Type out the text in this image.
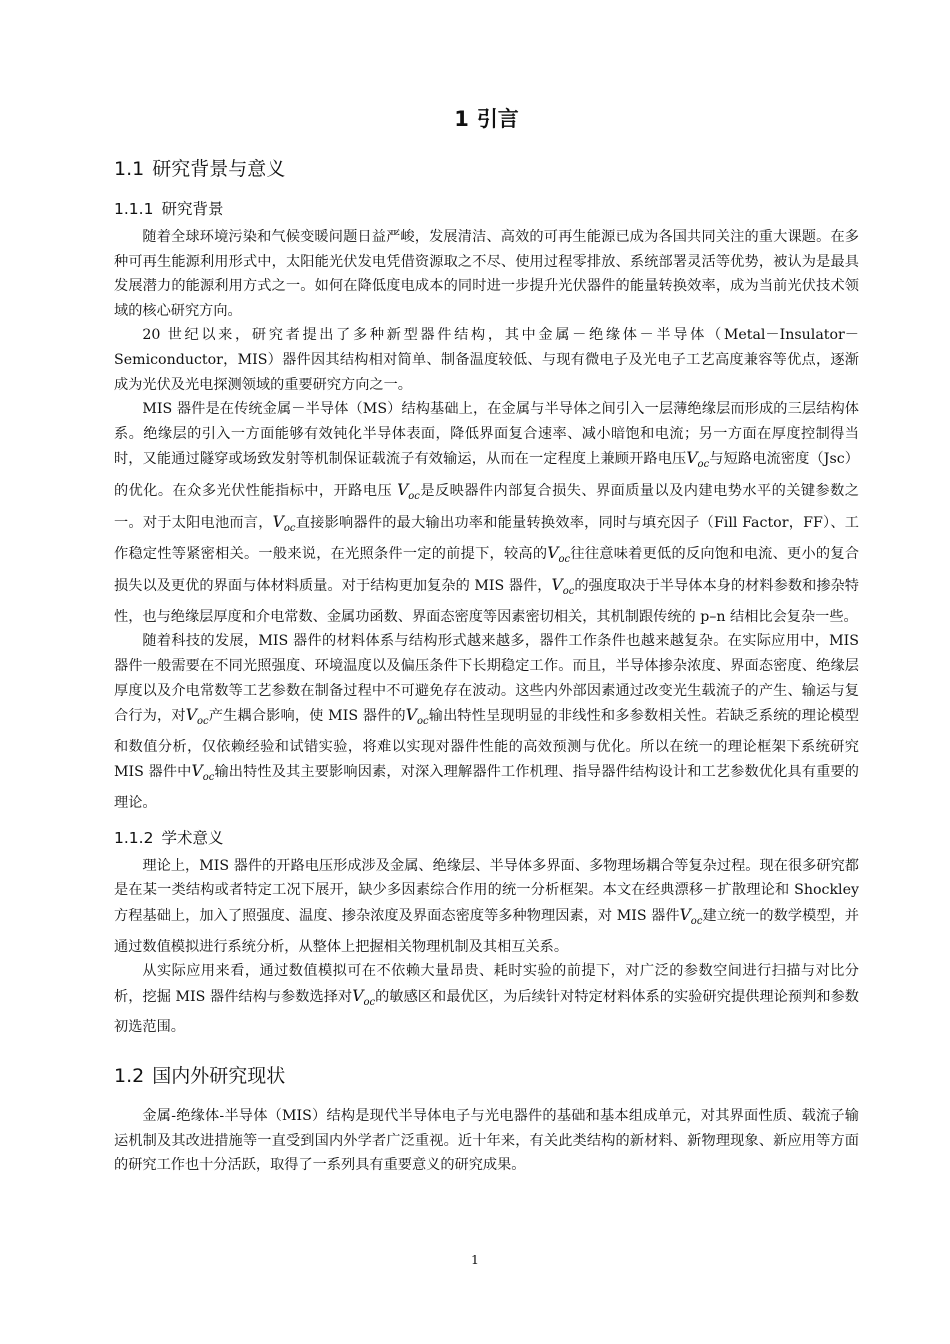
1 引言
1.1 研究背景与意义
1.1.1 研究背景

随着全球环境污染和气候变暖问题日益严峻，发展清洁、高效的可再生能源已成为各国共同关注的重大课题。在多种可再生能源利用形式中，太阳能光伏发电凭借资源取之不尽、使用过程零排放、系统部署灵活等优势，被认为是最具发展潜力的能源利用方式之一。如何在降低度电成本的同时进一步提升光伏器件的能量转换效率，成为当前光伏技术领域的核心研究方向。

20 世纪以来，研究者提出了多种新型器件结构，其中金属－绝缘体－半导体（Metal－Insulator－Semiconductor，MIS）器件因其结构相对简单、制备温度较低、与现有微电子及光电子工艺高度兼容等优点，逐渐成为光伏及光电探测领域的重要研究方向之一。

MIS 器件是在传统金属－半导体（MS）结构基础上，在金属与半导体之间引入一层薄绝缘层而形成的三层结构体系。绝缘层的引入一方面能够有效钝化半导体表面，降低界面复合速率、减小暗饱和电流；另一方面在厚度控制得当时，又能通过隧穿或场致发射等机制保证载流子有效输运，从而在一定程度上兼顾开路电压$V_{oc}$与短路电流密度（Jsc）的优化。在众多光伏性能指标中，开路电压 $V_{oc}$是反映器件内部复合损失、界面质量以及内建电势水平的关键参数之一。对于太阳电池而言，$V_{oc}$直接影响器件的最大输出功率和能量转换效率，同时与填充因子（Fill Factor，FF）、工作稳定性等紧密相关。一般来说，在光照条件一定的前提下，较高的$V_{oc}$往往意味着更低的反向饱和电流、更小的复合损失以及更优的界面与体材料质量。对于结构更加复杂的 MIS 器件，$V_{oc}$的强度取决于半导体本身的材料参数和掺杂特性，也与绝缘层厚度和介电常数、金属功函数、界面态密度等因素密切相关，其机制跟传统的 p–n 结相比会复杂一些。

随着科技的发展，MIS 器件的材料体系与结构形式越来越多，器件工作条件也越来越复杂。在实际应用中，MIS 器件一般需要在不同光照强度、环境温度以及偏压条件下长期稳定工作。而且，半导体掺杂浓度、界面态密度、绝缘层厚度以及介电常数等工艺参数在制备过程中不可避免存在波动。这些内外部因素通过改变光生载流子的产生、输运与复合行为，对$V_{oc}$产生耦合影响，使 MIS 器件的$V_{oc}$输出特性呈现明显的非线性和多参数相关性。若缺乏系统的理论模型和数值分析，仅依赖经验和试错实验，将难以实现对器件性能的高效预测与优化。所以在统一的理论框架下系统研究 MIS 器件中$V_{oc}$输出特性及其主要影响因素，对深入理解器件工作机理、指导器件结构设计和工艺参数优化具有重要的理论。

1.1.2 学术意义

理论上，MIS 器件的开路电压形成涉及金属、绝缘层、半导体多界面、多物理场耦合等复杂过程。现在很多研究都是在某一类结构或者特定工况下展开，缺少多因素综合作用的统一分析框架。本文在经典漂移－扩散理论和 Shockley 方程基础上，加入了照强度、温度、掺杂浓度及界面态密度等多种物理因素，对 MIS 器件$V_{oc}$建立统一的数学模型，并通过数值模拟进行系统分析，从整体上把握相关物理机制及其相互关系。

从实际应用来看，通过数值模拟可在不依赖大量昂贵、耗时实验的前提下，对广泛的参数空间进行扫描与对比分析，挖掘 MIS 器件结构与参数选择对$V_{oc}$的敏感区和最优区，为后续针对特定材料体系的实验研究提供理论预判和参数初选范围。

1.2 国内外研究现状

金属-绝缘体-半导体（MIS）结构是现代半导体电子与光电器件的基础和基本组成单元，对其界面性质、载流子输运机制及其改进措施等一直受到国内外学者广泛重视。近十年来，有关此类结构的新材料、新物理现象、新应用等方面的研究工作也十分活跃，取得了一系列具有重要意义的研究成果。

1
